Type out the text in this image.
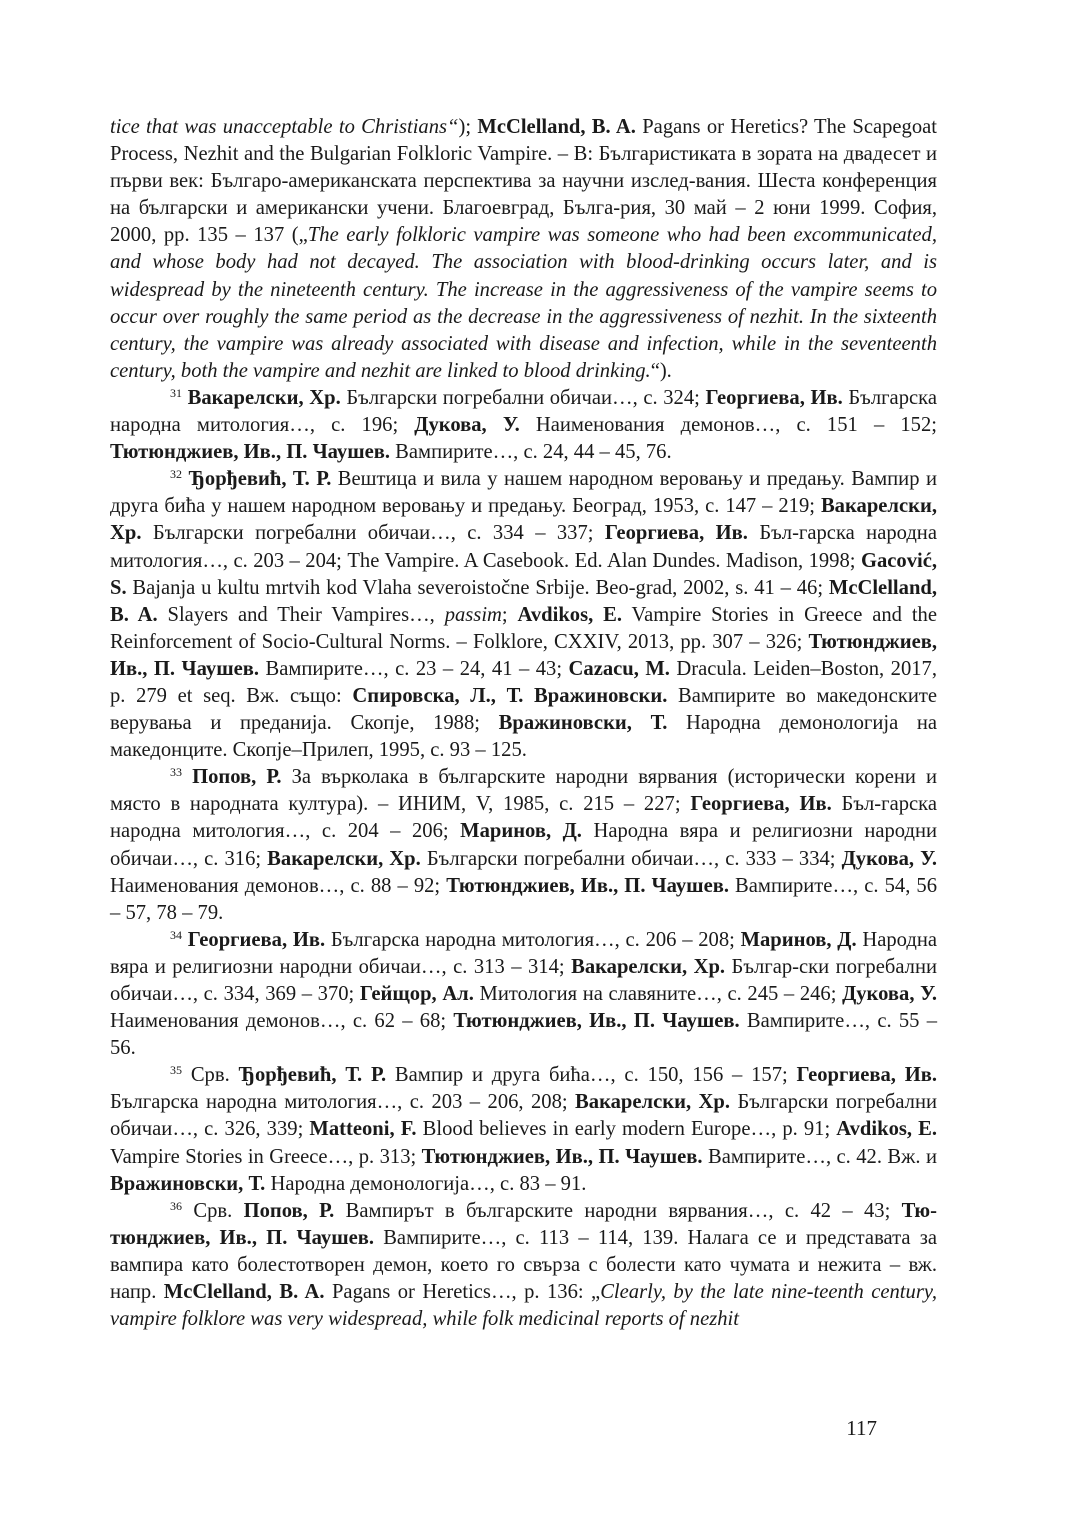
tice that was unacceptable to Christians“); McClelland, B. A. Pagans or Heretics? The Scapegoat Process, Nezhit and the Bulgarian Folkloric Vampire. – В: Българистиката в зората на двадесет и първи век: Българо-американската перспектива за научни изслед-вания. Шеста конференция на български и американски учени. Благоевград, Бълга-рия, 30 май – 2 юни 1999. София, 2000, pp. 135 – 137 („The early folkloric vampire was someone who had been excommunicated, and whose body had not decayed. The association with blood-drinking occurs later, and is widespread by the nineteenth century. The increase in the aggressiveness of the vampire seems to occur over roughly the same period as the decrease in the aggressiveness of nezhit. In the sixteenth century, the vampire was already associated with disease and infection, while in the seventeenth century, both the vampire and nezhit are linked to blood drinking.“).

$^{31}$ Вакарелски, Хр. Български погребални обичаи…, с. 324; Георгиева, Ив. Българска народна митология…, с. 196; Дукова, У. Наименования демонов…, с. 151 – 152; Тютюнджиев, Ив., П. Чаушев. Вампирите…, с. 24, 44 – 45, 76.

$^{32}$ Ђорђевић, Т. Р. Вештица и вила у нашем народном веровању и предању. Вампир и друга бића у нашем народном веровању и предању. Београд, 1953, с. 147 – 219; Вакарелски, Хр. Български погребални обичаи…, с. 334 – 337; Георгиева, Ив. Бъл-гарска народна митология…, с. 203 – 204; The Vampire. A Casebook. Ed. Alan Dundes. Madison, 1998; Gacović, S. Bajanja u kultu mrtvih kod Vlaha severoistočne Srbije. Beo-grad, 2002, s. 41 – 46; McClelland, B. A. Slayers and Their Vampires…, passim; Avdikos, E. Vampire Stories in Greece and the Reinforcement of Socio-Cultural Norms. – Folklore, CXXIV, 2013, pp. 307 – 326; Тютюнджиев, Ив., П. Чаушев. Вампирите…, с. 23 – 24, 41 – 43; Cazacu, M. Dracula. Leiden–Boston, 2017, p. 279 et seq. Вж. също: Спировска, Л., Т. Вражиновски. Вампирите во македонските верувања и преданија. Скопје, 1988; Вражиновски, Т. Народна демонологија на македонците. Скопје–Прилеп, 1995, с. 93 – 125.

$^{33}$ Попов, Р. За върколака в българските народни вярвания (исторически корени и място в народната култура). – ИНИМ, V, 1985, с. 215 – 227; Георгиева, Ив. Бъл-гарска народна митология…, с. 204 – 206; Маринов, Д. Народна вяра и религиозни народни обичаи…, с. 316; Вакарелски, Хр. Български погребални обичаи…, с. 333 – 334; Дукова, У. Наименования демонов…, с. 88 – 92; Тютюнджиев, Ив., П. Чаушев. Вампирите…, с. 54, 56 – 57, 78 – 79.

$^{34}$ Георгиева, Ив. Българска народна митология…, с. 206 – 208; Маринов, Д. Народна вяра и религиозни народни обичаи…, с. 313 – 314; Вакарелски, Хр. Българ-ски погребални обичаи…, с. 334, 369 – 370; Гейщор, Ал. Митология на славяните…, с. 245 – 246; Дукова, У. Наименования демонов…, с. 62 – 68; Тютюнджиев, Ив., П. Чаушев. Вампирите…, с. 55 – 56.

$^{35}$ Срв. Ђорђевић, Т. Р. Вампир и друга бића…, с. 150, 156 – 157; Георгиева, Ив. Българска народна митология…, с. 203 – 206, 208; Вакарелски, Хр. Български погребални обичаи…, с. 326, 339; Matteoni, F. Blood believes in early modern Europe…, p. 91; Avdikos, E. Vampire Stories in Greece…, p. 313; Тютюнджиев, Ив., П. Чаушев. Вампирите…, с. 42. Вж. и Вражиновски, Т. Народна демонологија…, с. 83 – 91.

$^{36}$ Срв. Попов, Р. Вампирът в българските народни вярвания…, с. 42 – 43; Тю-тюнджиев, Ив., П. Чаушев. Вампирите…, с. 113 – 114, 139. Налага се и представата за вампира като болестотворен демон, което го свърза с болести като чумата и нежита – вж. напр. McClelland, B. A. Pagans or Heretics…, p. 136: „Clearly, by the late nine-teenth century, vampire folklore was very widespread, while folk medicinal reports of nezhit

117
